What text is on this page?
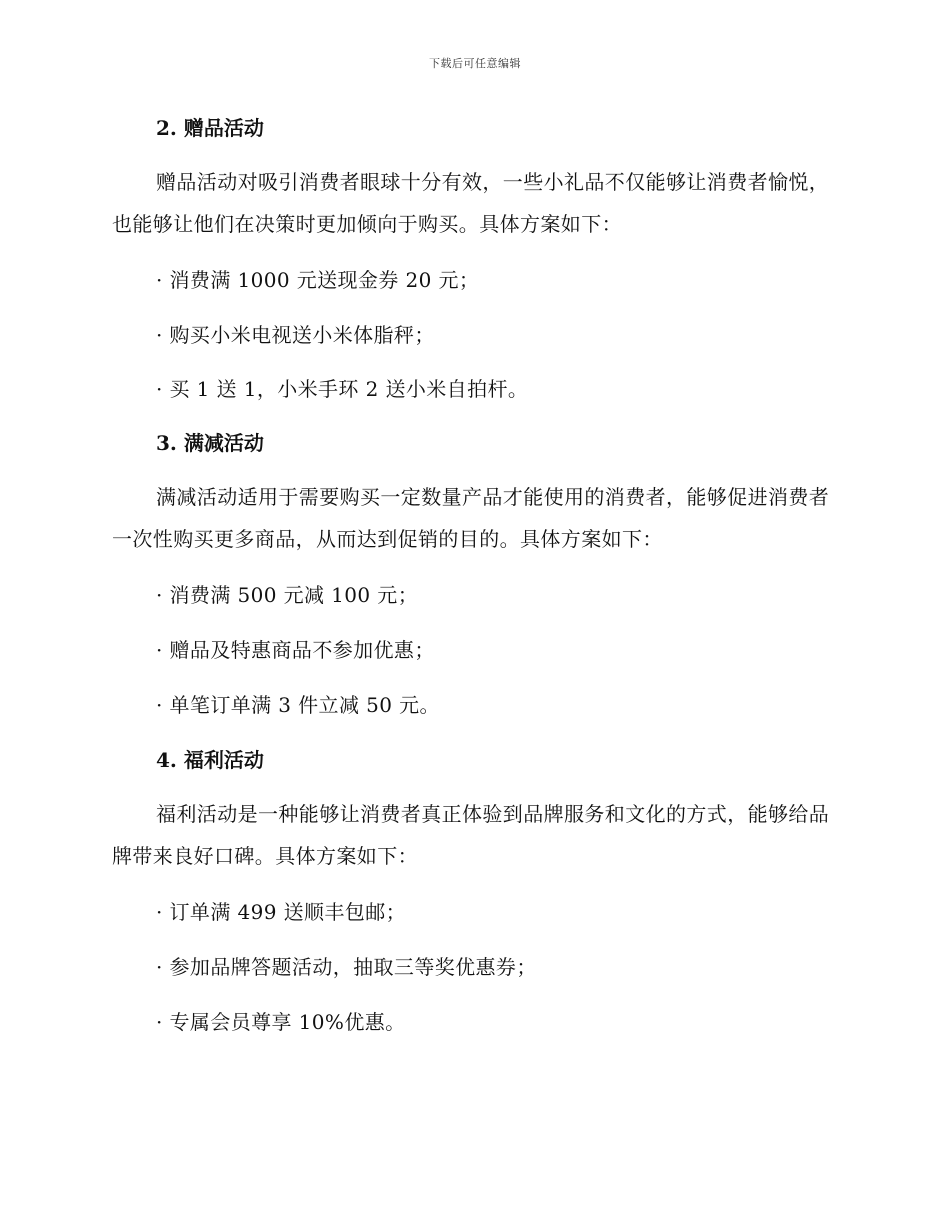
下载后可任意编辑
2. 赠品活动
赠品活动对吸引消费者眼球十分有效，一些小礼品不仅能够让消费者愉悦，也能够让他们在决策时更加倾向于购买。具体方案如下：
· 消费满 1000 元送现金券 20 元；
· 购买小米电视送小米体脂秤；
· 买 1 送 1，小米手环 2 送小米自拍杆。
3. 满减活动
满减活动适用于需要购买一定数量产品才能使用的消费者，能够促进消费者一次性购买更多商品，从而达到促销的目的。具体方案如下：
· 消费满 500 元减 100 元；
· 赠品及特惠商品不参加优惠；
· 单笔订单满 3 件立减 50 元。
4. 福利活动
福利活动是一种能够让消费者真正体验到品牌服务和文化的方式，能够给品牌带来良好口碑。具体方案如下：
· 订单满 499 送顺丰包邮；
· 参加品牌答题活动，抽取三等奖优惠券；
· 专属会员尊享 10%优惠。
